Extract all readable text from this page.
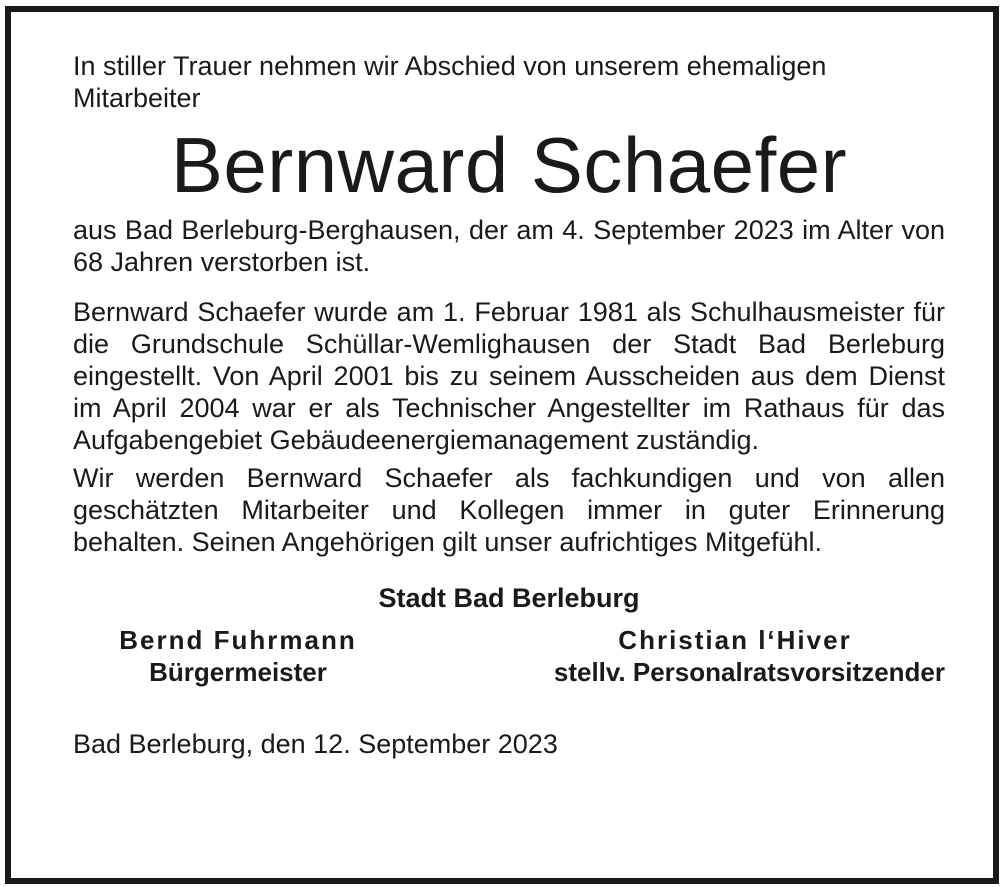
In stiller Trauer nehmen wir Abschied von unserem ehemaligen Mitarbeiter

Bernward Schaefer

aus Bad Berleburg-Berghausen, der am 4. September 2023 im Alter von 68 Jahren verstorben ist.

Bernward Schaefer wurde am 1. Februar 1981 als Schulhausmeister für die Grundschule Schüllar-Wemlighausen der Stadt Bad Berleburg eingestellt. Von April 2001 bis zu seinem Ausscheiden aus dem Dienst im April 2004 war er als Technischer Angestellter im Rathaus für das Aufgabengebiet Gebäudeenergiemanagement zuständig.

Wir werden Bernward Schaefer als fachkundigen und von allen geschätzten Mitarbeiter und Kollegen immer in guter Erinnerung behalten. Seinen Angehörigen gilt unser aufrichtiges Mitgefühl.

Stadt Bad Berleburg
Bernd Fuhrmann
Bürgermeister
Christian l‘Hiver
stellv. Personalratsvorsitzender
Bad Berleburg, den 12. September 2023
